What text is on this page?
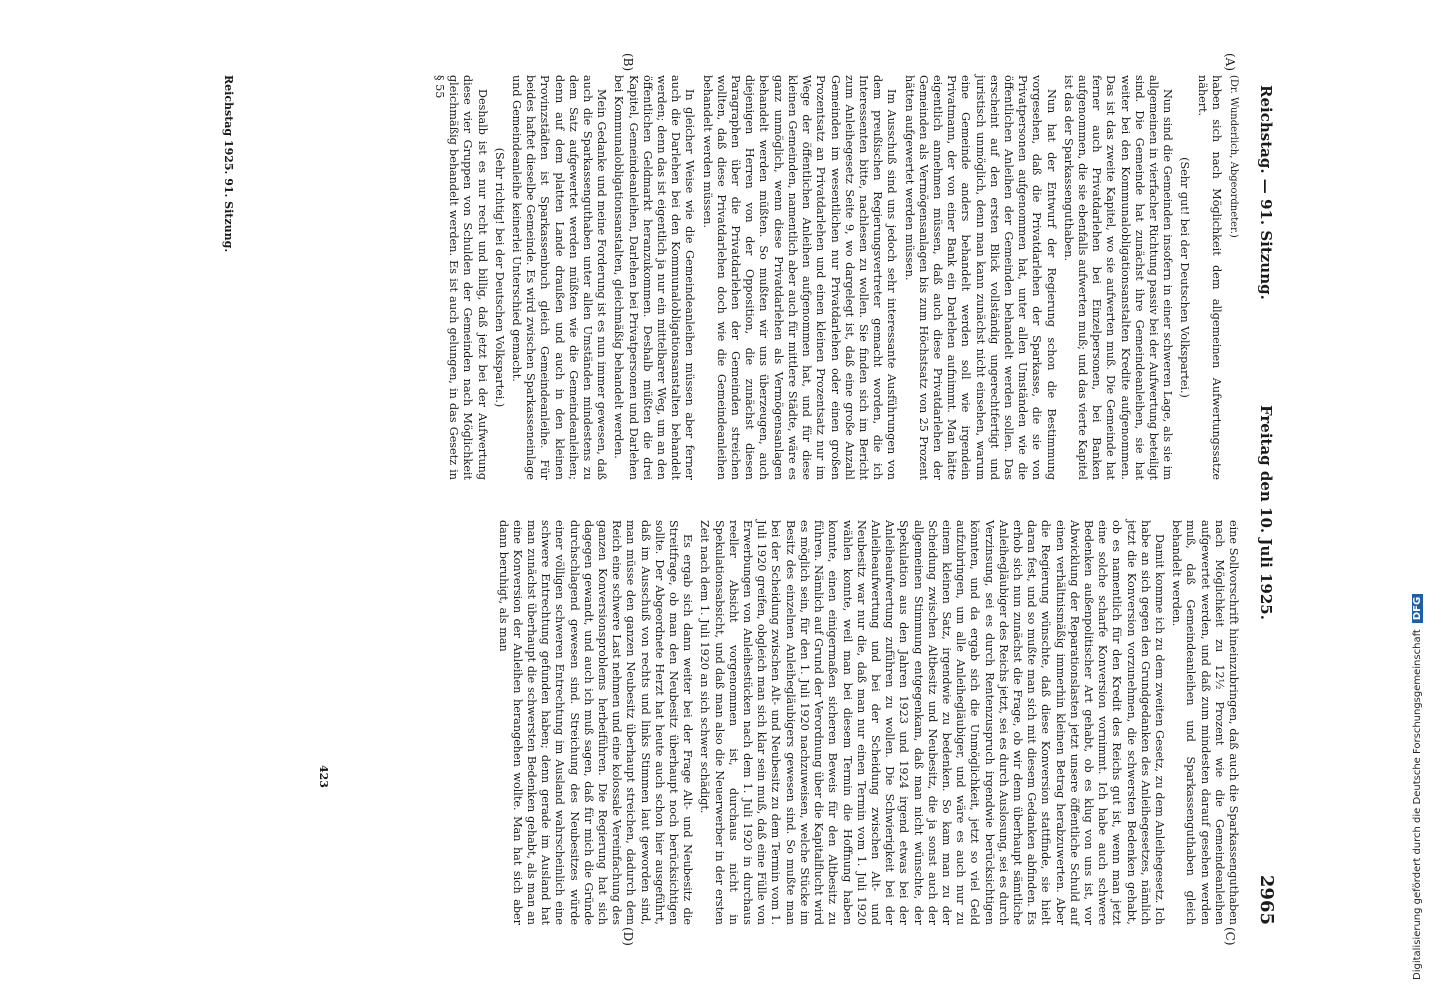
Reichstag. — 91. Sitzung.
Freitag den 10. Juli 1925.
2965
(A)
(B)
(C)
(D)

(Dr. Wunderlich, Abgeordneter.)

haben sich nach Möglichkeit dem allgemeinen Aufwertungssatze nähert.

(Sehr gut! bei der Deutschen Volkspartei.)

Nun sind die Gemeinden insofern in einer schweren Lage, als sie im allgemeinen in vierfacher Richtung passiv bei der Aufwertung beteiligt sind. Die Gemeinde hat zunächst ihre Gemeindeanleihen, sie hat weiter bei den Kommunalobligationsanstalten Kredite aufgenommen. Das ist das zweite Kapitel, wo sie aufwerten muß. Die Gemeinde hat ferner auch Privatdarlehen bei Einzelpersonen, bei Banken aufgenommen, die sie ebenfalls aufwerten muß; und das vierte Kapitel ist das der Sparkassenguthaben.

Nun hat der Entwurf der Regierung schon die Bestimmung vorgesehen, daß die Privatdarlehen der Sparkasse, die sie von Privatpersonen aufgenommen hat, unter allen Umständen wie die öffentlichen Anleihen der Gemeinden behandelt werden sollen. Das erscheint auf den ersten Blick vollständig ungerechtfertigt und juristisch unmöglich, denn man kann zunächst nicht einsehen, warum eine Gemeinde anders behandelt werden soll wie irgendein Privatmann, der von einer Bank ein Darlehen aufnimmt. Man hätte eigentlich annehmen müssen, daß auch diese Privatdarlehen der Gemeinden als Vermögensanlagen bis zum Höchstsatz von 25 Prozent hätten aufgewertet werden müssen.

Im Ausschuß sind uns jedoch sehr interessante Ausführungen von dem preußischen Regierungsvertreter gemacht worden, die ich Interessenten bitte, nachlesen zu wollen. Sie finden sich im Bericht zum Anleihegesetz Seite 9, wo dargelegt ist, daß eine große Anzahl Gemeinden im wesentlichen nur Privatdarlehen oder einen großen Prozentsatz an Privatdarlehen und einen kleinen Prozentsatz nur im Wege der öffentlichen Anleihen aufgenommen hat, und für diese kleinen Gemeinden, namentlich aber auch für mittlere Städte, wäre es ganz unmöglich, wenn diese Privatdarlehen als Vermögensanlagen behandelt werden müßten. So mußten wir uns überzeugen, auch diejenigen Herren von der Opposition, die zunächst diesen Paragraphen über die Privatdarlehen der Gemeinden streichen wollten, daß diese Privatdarlehen doch wie die Gemeindeanleihen behandelt werden müssen.

In gleicher Weise wie die Gemeindeanleihen müssen aber ferner auch die Darlehen bei den Kommunalobligationsanstalten behandelt werden; denn das ist eigentlich ja nur ein mittelbarer Weg, um an den öffentlichen Geldmarkt heranzukommen. Deshalb müßten die drei Kapitel, Gemeindeanleihen, Darlehen bei Privatpersonen und Darlehen bei Kommunalobligationsanstalten, gleichmäßig behandelt werden.

Mein Gedanke und meine Forderung ist es nun immer gewesen, daß auch die Sparkassenguthaben unter allen Umständen mindestens zu dem Satz aufgewertet werden müßten wie die Gemeindeanleihen; denn auf dem platten Lande draußen und auch in den kleinen Provinzstädten ist Sparkassenbuch gleich Gemeindeanleihe. Für beides haftet dieselbe Gemeinde. Es wird zwischen Sparkasseneinlage und Gemeindeanleihe keinerlei Unterschied gemacht.

(Sehr richtig! bei der Deutschen Volkspartei.)

Deshalb ist es nur recht und billig, daß jetzt bei der Aufwertung diese vier Gruppen von Schulden der Gemeinden nach Möglichkeit gleichmäßig behandelt werden. Es ist auch gelungen, in das Gesetz in § 55

eine Sollvorschrift hineinzubringen, daß auch die Sparkassenguthaben nach Möglichkeit zu 12½ Prozent wie die Gemeindeanleihen aufgewertet werden, und daß zum mindesten darauf gesehen werden muß, daß Gemeindeanleihen und Sparkassenguthaben gleich behandelt werden.

Damit komme ich zu dem zweiten Gesetz, zu dem Anleihegesetz. Ich habe an sich gegen den Grundgedanken des Anleihegesetzes, nämlich jetzt die Konversion vorzunehmen, die schwersten Bedenken gehabt, ob es namentlich für den Kredit des Reichs gut ist, wenn man jetzt eine solche scharfe Konversion vornimmt. Ich habe auch schwere Bedenken außenpolitischer Art gehabt, ob es klug von uns ist, vor Abwicklung der Reparationslasten jetzt unsere öffentliche Schuld auf einen verhältnismäßig immerhin kleinen Betrag herabzuwerten. Aber die Regierung wünschte, daß diese Konversion stattfinde, sie hielt daran fest, und so mußte man sich mit diesem Gedanken abfinden. Es erhob sich nun zunächst die Frage, ob wir denn überhaupt sämtliche Anleihegläubiger des Reichs jetzt, sei es durch Auslosung, sei es durch Verzinsung, sei es durch Rentenzuspruch irgendwie berücksichtigen könnten, und da ergab sich die Unmöglichkeit, jetzt so viel Geld aufzubringen, um alle Anleihegläubiger, und wäre es auch nur zu einem kleinen Satz, irgendwie zu bedenken. So kam man zu der Scheidung zwischen Altbesitz und Neubesitz, die ja sonst auch der allgemeinen Stimmung entgegenkam, daß man nicht wünschte, der Spekulation aus den Jahren 1923 und 1924 irgend etwas bei der Anleiheaufwertung zuführen zu wollen. Die Schwierigkeit bei der Anleiheaufwertung und bei der Scheidung zwischen Alt- und Neubesitz war nur die, daß man nur einen Termin vom 1. Juli 1920 wählen konnte, weil man bei diesem Termin die Hoffnung haben konnte, einen einigermaßen sicheren Beweis für den Altbesitz zu führen. Nämlich auf Grund der Verordnung über die Kapitalflucht wird es möglich sein, für den 1. Juli 1920 nachzuweisen, welche Stücke im Besitz des einzelnen Anleihegläubigers gewesen sind. So mußte man bei der Scheidung zwischen Alt- und Neubesitz zu dem Termin vom 1. Juli 1920 greifen, obgleich man sich klar sein muß, daß eine Fülle von Erwerbungen von Anleihestücken nach dem 1. Juli 1920 in durchaus reeller Absicht vorgenommen ist, durchaus nicht in Spekulationsabsicht, und daß man also die Neuerwerber in der ersten Zeit nach dem 1. Juli 1920 an sich schwer schädigt.

Es ergab sich dann weiter bei der Frage Alt- und Neubesitz die Streitfrage, ob man den Neubesitz überhaupt noch berücksichtigen sollte. Der Abgeordnete Herzt hat heute auch schon hier ausgeführt, daß im Ausschuß von rechts und links Stimmen laut geworden sind, man müsse den ganzen Neubesitz überhaupt streichen, dadurch dem Reich eine schwere Last nehmen und eine kolossale Vereinfachung des ganzen Konversionsproblems herbeiführen. Die Regierung hat sich dagegen gewandt, und auch ich muß sagen, daß für mich die Gründe durchschlagend gewesen sind. Streichung des Neubesitzes würde einer völligen schweren Entrechtung im Ausland wahrscheinlich eine schwere Entrechtung gefunden haben; denn gerade im Ausland hat man zunächst überhaupt die schwersten Bedenken gehabt, als man an eine Konversion der Anleihen herangehen wollte. Man hat sich aber dann beruhigt, als man

423
Reichstag 1925. 91. Sitzung.
Digitalisierung gefördert durch die Deutsche ForschungsgemeinschaftDFG
